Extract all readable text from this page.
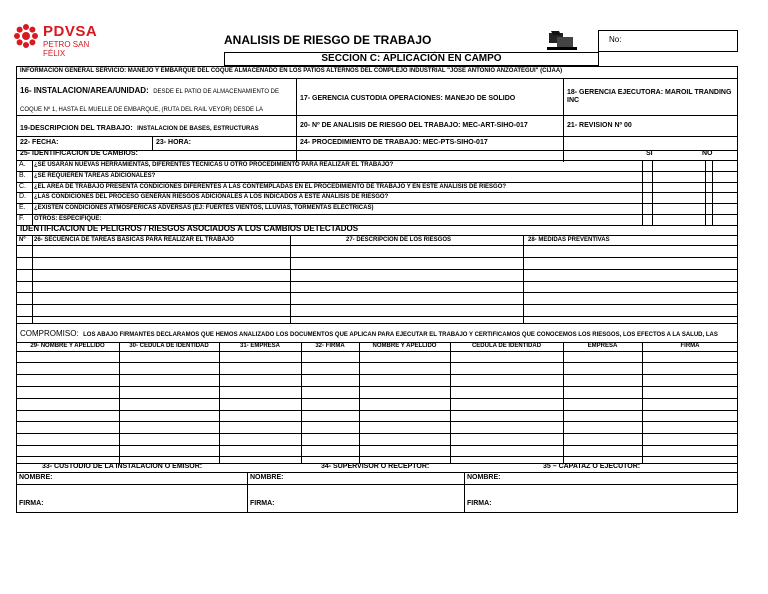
PDVSA
PETRO SAN FÉLIX
ANALISIS DE RIESGO DE TRABAJO	No:
SECCION C: APLICACIÓN EN CAMPO
INFORMACION GENERAL SERVICIO: MANEJO Y EMBARQUE DEL COQUE ALMACENADO EN LOS PATIOS ALTERNOS DEL COMPLEJO INDUSTRIAL "JOSE ANTONIO ANZOATEGUI" (CIJAA)
16- INSTALACION/AREA/UNIDAD: DESDE EL PATIO DE ALMACENAMIENTO DE COQUE Nº 1, HASTA EL MUELLE DE EMBARQUE, (RUTA DEL RAIL VEYOR) DESDE LA
17- GERENCIA CUSTODIA OPERACIONES: MANEJO DE SOLIDO
18- GERENCIA EJECUTORA: MAROIL TRANDING INC
19-DESCRIPCION DEL TRABAJO: INSTALACION DE BASES, ESTRUCTURAS	20- Nº DE ANALISIS DE RIESGO DEL TRABAJO: MEC-ART-SIHO-017	21- REVISION Nº 00
22- FECHA:	23- HORA:	24- PROCEDIMIENTO DE TRABAJO: MEC-PTS-SIHO-017
25- IDENTIFICACION DE CAMBIOS:	SI	NO
A. ¿SE USARAN NUEVAS HERRAMIENTAS, DIFERENTES TECNICAS U OTRO PROCEDIMIENTO PARA REALIZAR EL TRABAJO?
B. ¿SE REQUIEREN TAREAS ADICIONALES?
C. ¿EL AREA DE TRABAJO PRESENTA CONDICIONES DIFERENTES A LAS CONTEMPLADAS EN EL PROCEDIMIENTO DE TRABAJO Y EN ESTE ANALISIS DE RIESGO?
D. ¿LAS CONDICIONES DEL PROCESO GENERAN RIESGOS ADICIONALES A LOS INDICADOS A ESTE ANALISIS DE RIESGO?
E. ¿EXISTEN CONDICIONES ATMOSFERICAS ADVERSAS (EJ: FUERTES VIENTOS, LLUVIAS, TORMENTAS ELECTRICAS)
F. OTROS: ESPECIFIQUE:
IDENTIFICACION DE PELIGROS / RIESGOS ASOCIADOS A LOS CAMBIOS DETECTADOS
Nº 26- SECUENCIA DE TAREAS BASICAS PARA REALIZAR EL TRABAJO	27- DESCRIPCION DE LOS RIESGOS	28- MEDIDAS PREVENTIVAS
COMPROMISO: LOS ABAJO FIRMANTES DECLARAMOS QUE HEMOS ANALIZADO LOS DOCUMENTOS QUE APLICAN PARA EJECUTAR EL TRABAJO Y CERTIFICAMOS QUE CONOCEMOS LOS RIESGOS, LOS EFECTOS A LA SALUD, LAS
29- NOMBRE Y APELLIDO	30- CEDULA DE IDENTIDAD	31- EMPRESA	32- FIRMA	NOMBRE Y APELLIDO	CEDULA DE IDENTIDAD	EMPRESA	FIRMA
33- CUSTODIO DE LA INSTALACION O EMISOR:	34- SUPERVISOR O RECEPTOR:	35 – CAPATAZ O EJECUTOR:
NOMBRE:	NOMBRE:	NOMBRE:
FIRMA:	FIRMA:	FIRMA:
